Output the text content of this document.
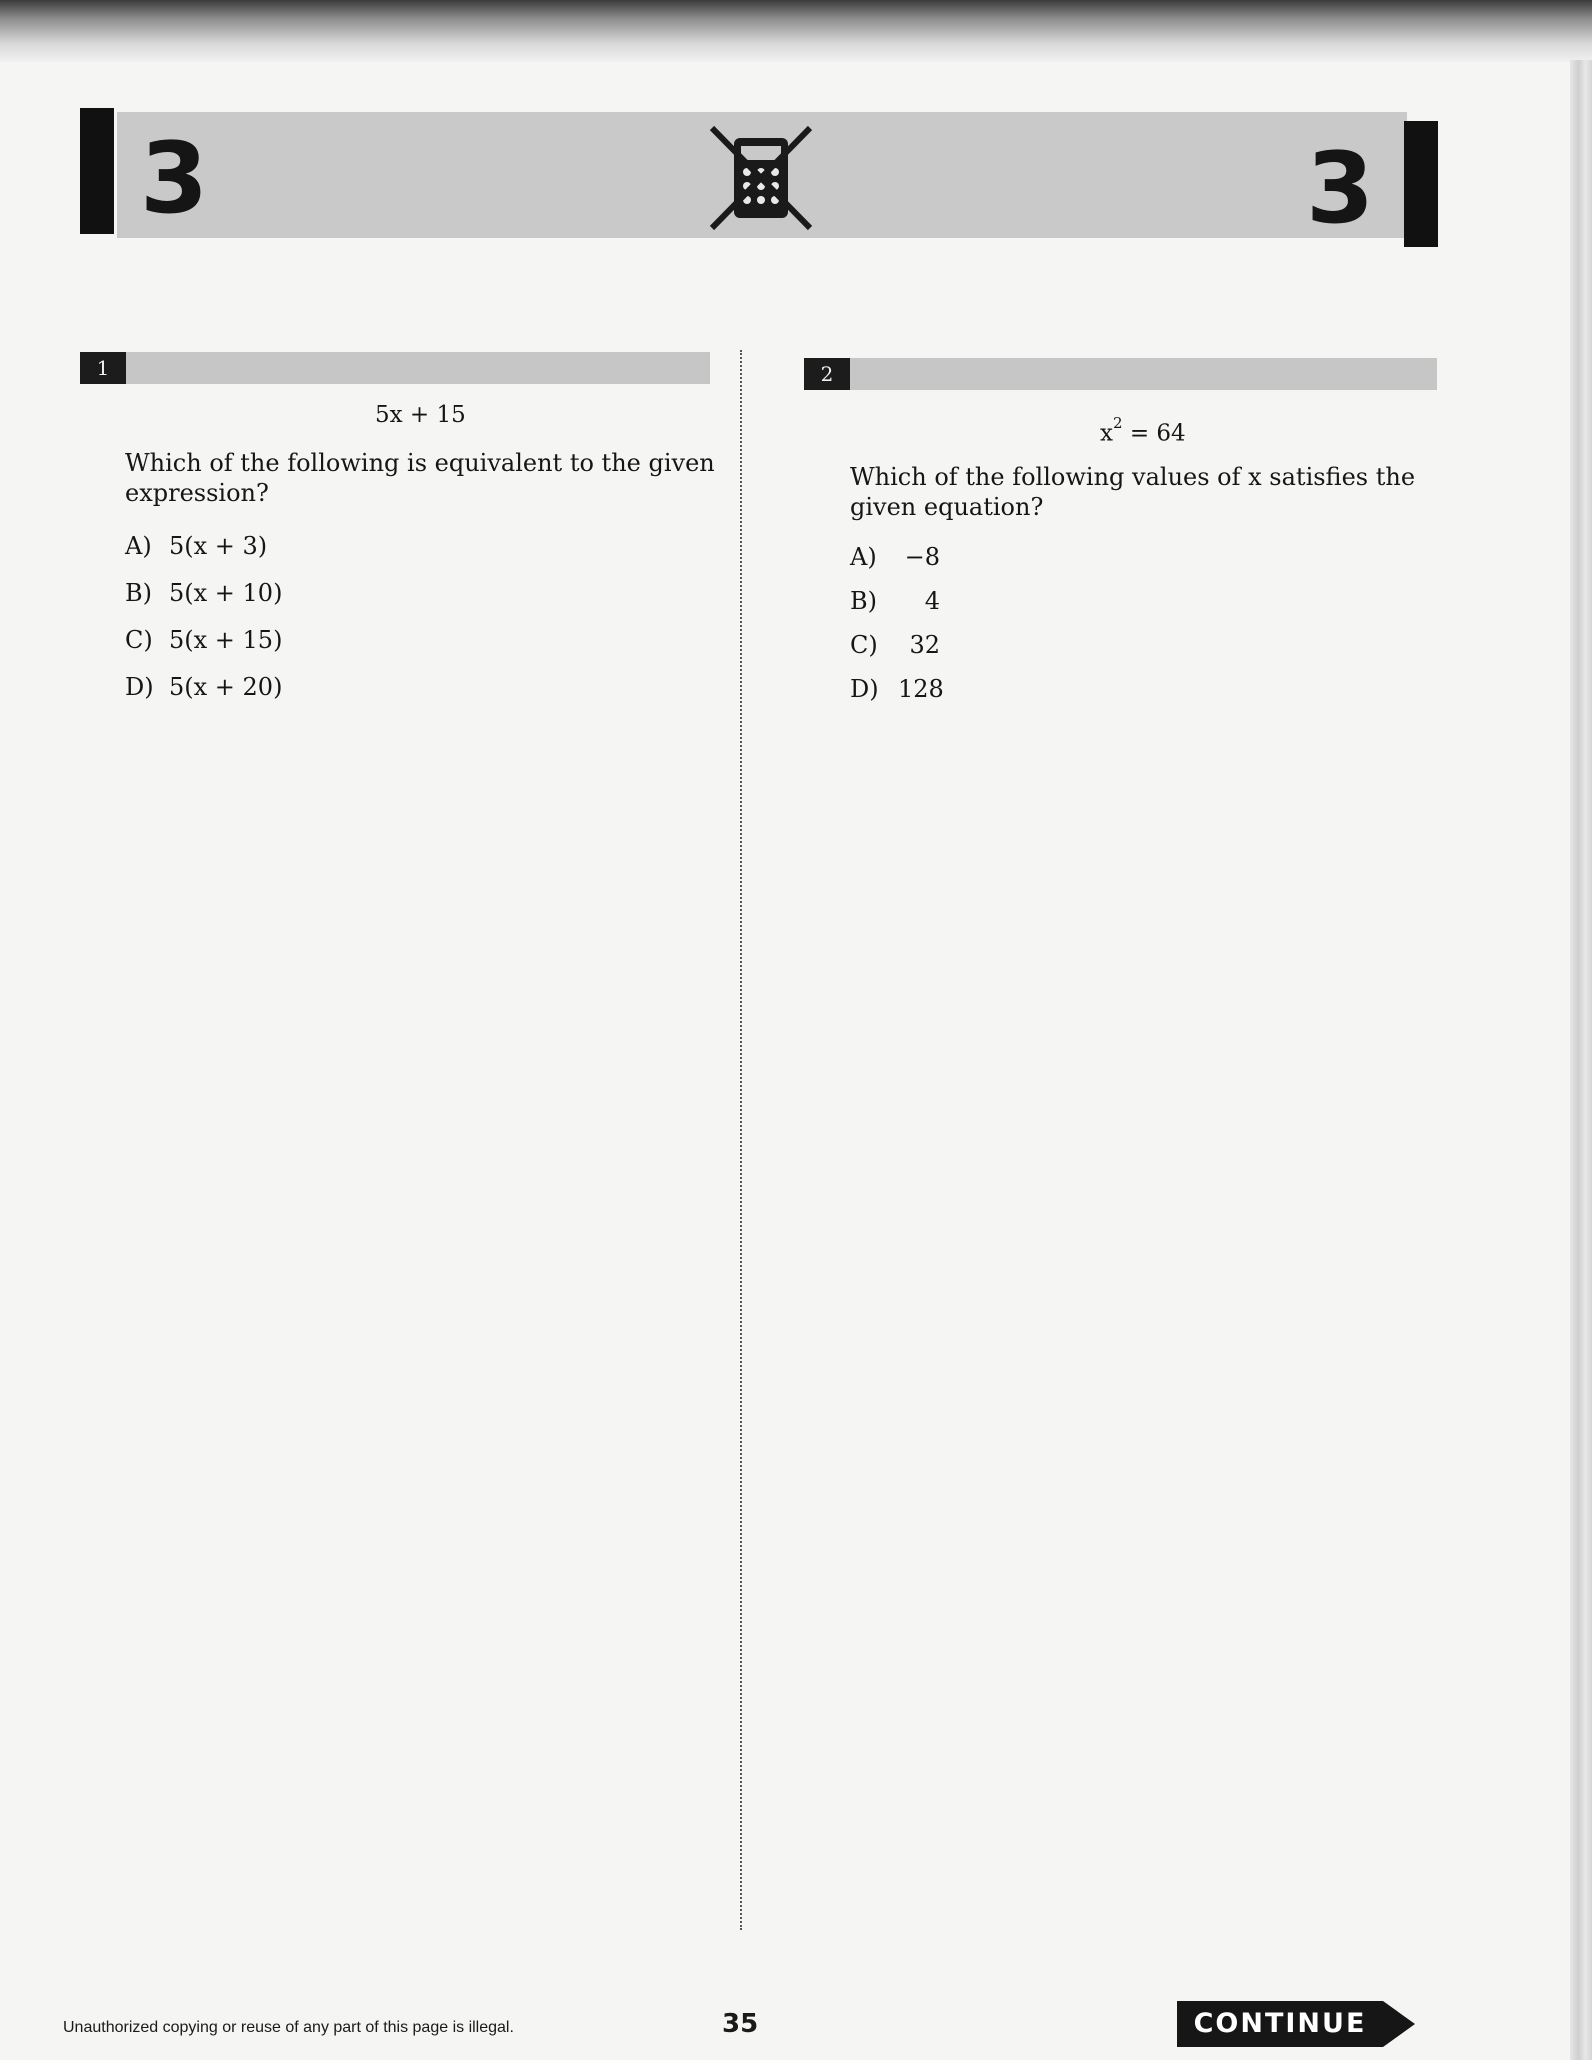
3	3
1
5x + 15
Which of the following is equivalent to the given expression?
A) 5(x + 3)
B) 5(x + 10)
C) 5(x + 15)
D) 5(x + 20)
2
$x^2 = 64$
Which of the following values of x satisfies the given equation?
A)	−8
B)	4
C)	32
D) 128
Unauthorized copying or reuse of any part of this page is illegal.	35	CONTINUE
